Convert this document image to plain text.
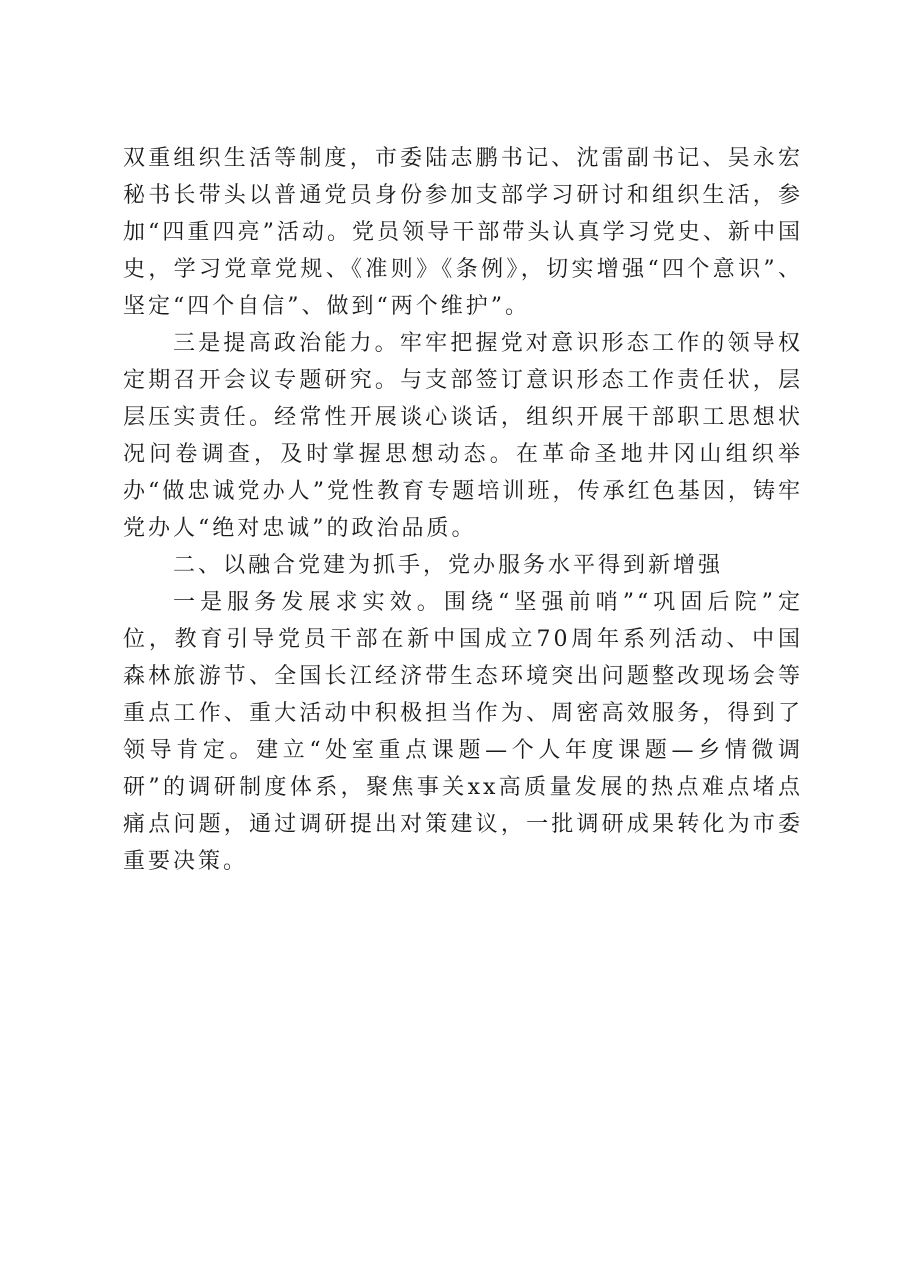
双重组织生活等制度，市委陆志鹏书记、沈雷副书记、吴永宏秘书长带头以普通党员身份参加支部学习研讨和组织生活，参加“四重四亮”活动。党员领导干部带头认真学习党史、新中国史，学习党章党规、《准则》《条例》，切实增强“四个意识”、坚定“四个自信”、做到“两个维护”。

三是提高政治能力。牢牢把握党对意识形态工作的领导权定期召开会议专题研究。与支部签订意识形态工作责任状，层层压实责任。经常性开展谈心谈话，组织开展干部职工思想状况问卷调查，及时掌握思想动态。在革命圣地井冈山组织举办“做忠诚党办人”党性教育专题培训班，传承红色基因，铸牢党办人“绝对忠诚”的政治品质。

二、以融合党建为抓手，党办服务水平得到新增强

一是服务发展求实效。围绕“坚强前哨”“巩固后院”定位，教育引导党员干部在新中国成立70周年系列活动、中国森林旅游节、全国长江经济带生态环境突出问题整改现场会等重点工作、重大活动中积极担当作为、周密高效服务，得到了领导肯定。建立“处室重点课题—个人年度课题—乡情微调研”的调研制度体系，聚焦事关xx高质量发展的热点难点堵点痛点问题，通过调研提出对策建议，一批调研成果转化为市委重要决策。
